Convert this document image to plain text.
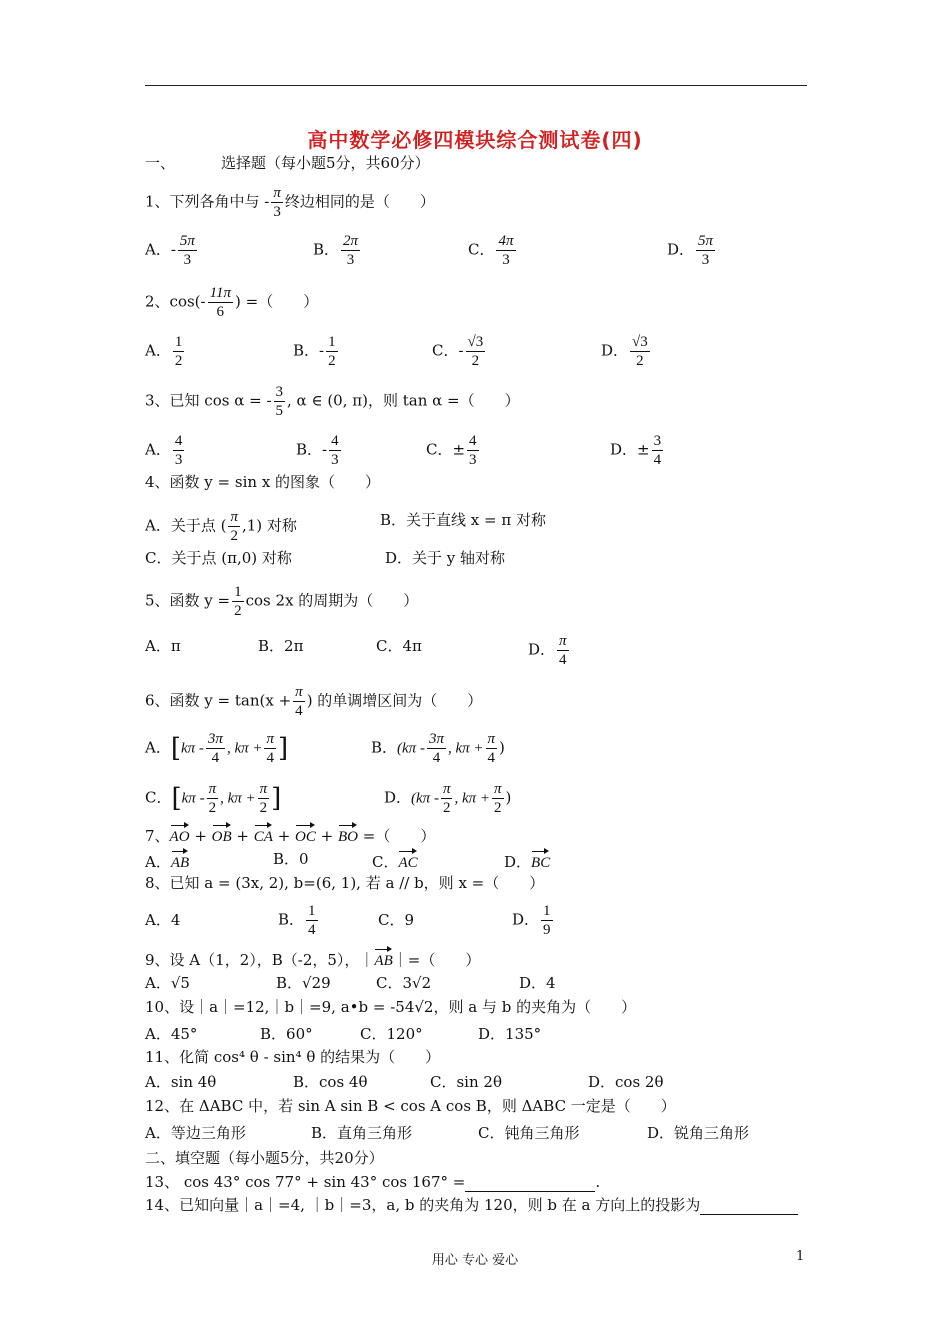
高中数学必修四模块综合测试卷(四)
一、	选择题（每小题5分，共60分）
1、下列各角中与 - $\frac{\pi}{3}$ 终边相同的是（　　）
A．- $\frac{5\pi}{3}$	B． $\frac{2\pi}{3}$	C． $\frac{4\pi}{3}$	D． $\frac{5\pi}{3}$
2、$\cos(- \frac{11\pi}{6}$ ) =（　　）
A． $\frac{1}{2}$	B．- $\frac{1}{2}$	C．- $\frac{√3}{2}$	D． $\frac{√3}{2}$
3、已知 cos α = - $\frac{3}{5}$ , α ∈ (0, π)，则 tan α =（　　）
A． $\frac{4}{3}$	B．- $\frac{4}{3}$	C．± $\frac{4}{3}$	D．± $\frac{3}{4}$
4、函数 y = sin x 的图象（　　）
A．关于点 ( $\frac{\pi}{2} ,1$) 对称	B．关于直线 x = π 对称
C．关于点 (π,0) 对称	D．关于 y 轴对称
5、函数 $y = \frac{1}{2}$ cos 2x 的周期为（　　）
A．π	B．2π	C．4π	D． $\frac{\pi}{4}$
6、函数 $y = \tan(x + \frac{\pi}{4}$ ) 的单调增区间为（　　）
A．[$k\pi - \frac{3\pi}{4}$ , $k\pi + \frac{\pi}{4}$ ]	B．($k\pi - \frac{3\pi}{4}$ , $k\pi + \frac{\pi}{4}$ )
C．[$k\pi - \frac{\pi}{2}$ , $k\pi + \frac{\pi}{2}$ ]	D．($k\pi - \frac{\pi}{2}$ , $k\pi + \frac{\pi}{2}$ )
7、AO + OB + CA + OC + BO =（　　）
A．AB	B．0	C．AC	D．BC
8、已知 a = (3x, 2), b=(6, 1), 若 a // b，则 x =（　　）
A．4	B． $\frac{1}{4}$	C．9	D． $\frac{1}{9}$
9、设 A（1，2），B（-2，5），｜AB｜=（　　）
A．√5	B．√29	C．3√2	D．4
10、设｜a｜=12,｜b｜=9, a•b = -54√2，则 a 与 b 的夹角为（　　）
A．45°	B．60°	C．120°	D．135°
11、化简 cos⁴ θ - sin⁴ θ 的结果为（　　）
A．sin 4θ	B．cos 4θ	C．sin 2θ	D．cos 2θ
12、在 ΔABC 中，若 sin A sin B < cos A cos B，则 ΔABC 一定是（　　）
A．等边三角形	B．直角三角形	C．钝角三角形	D．锐角三角形
二、填空题（每小题5分，共20分）
13、 cos 43° cos 77° + sin 43° cos 167° =	.
14、已知向量｜a｜=4, ｜b｜=3，a, b 的夹角为 120，则 b 在 a 方向上的投影为
用心 专心 爱心	1
